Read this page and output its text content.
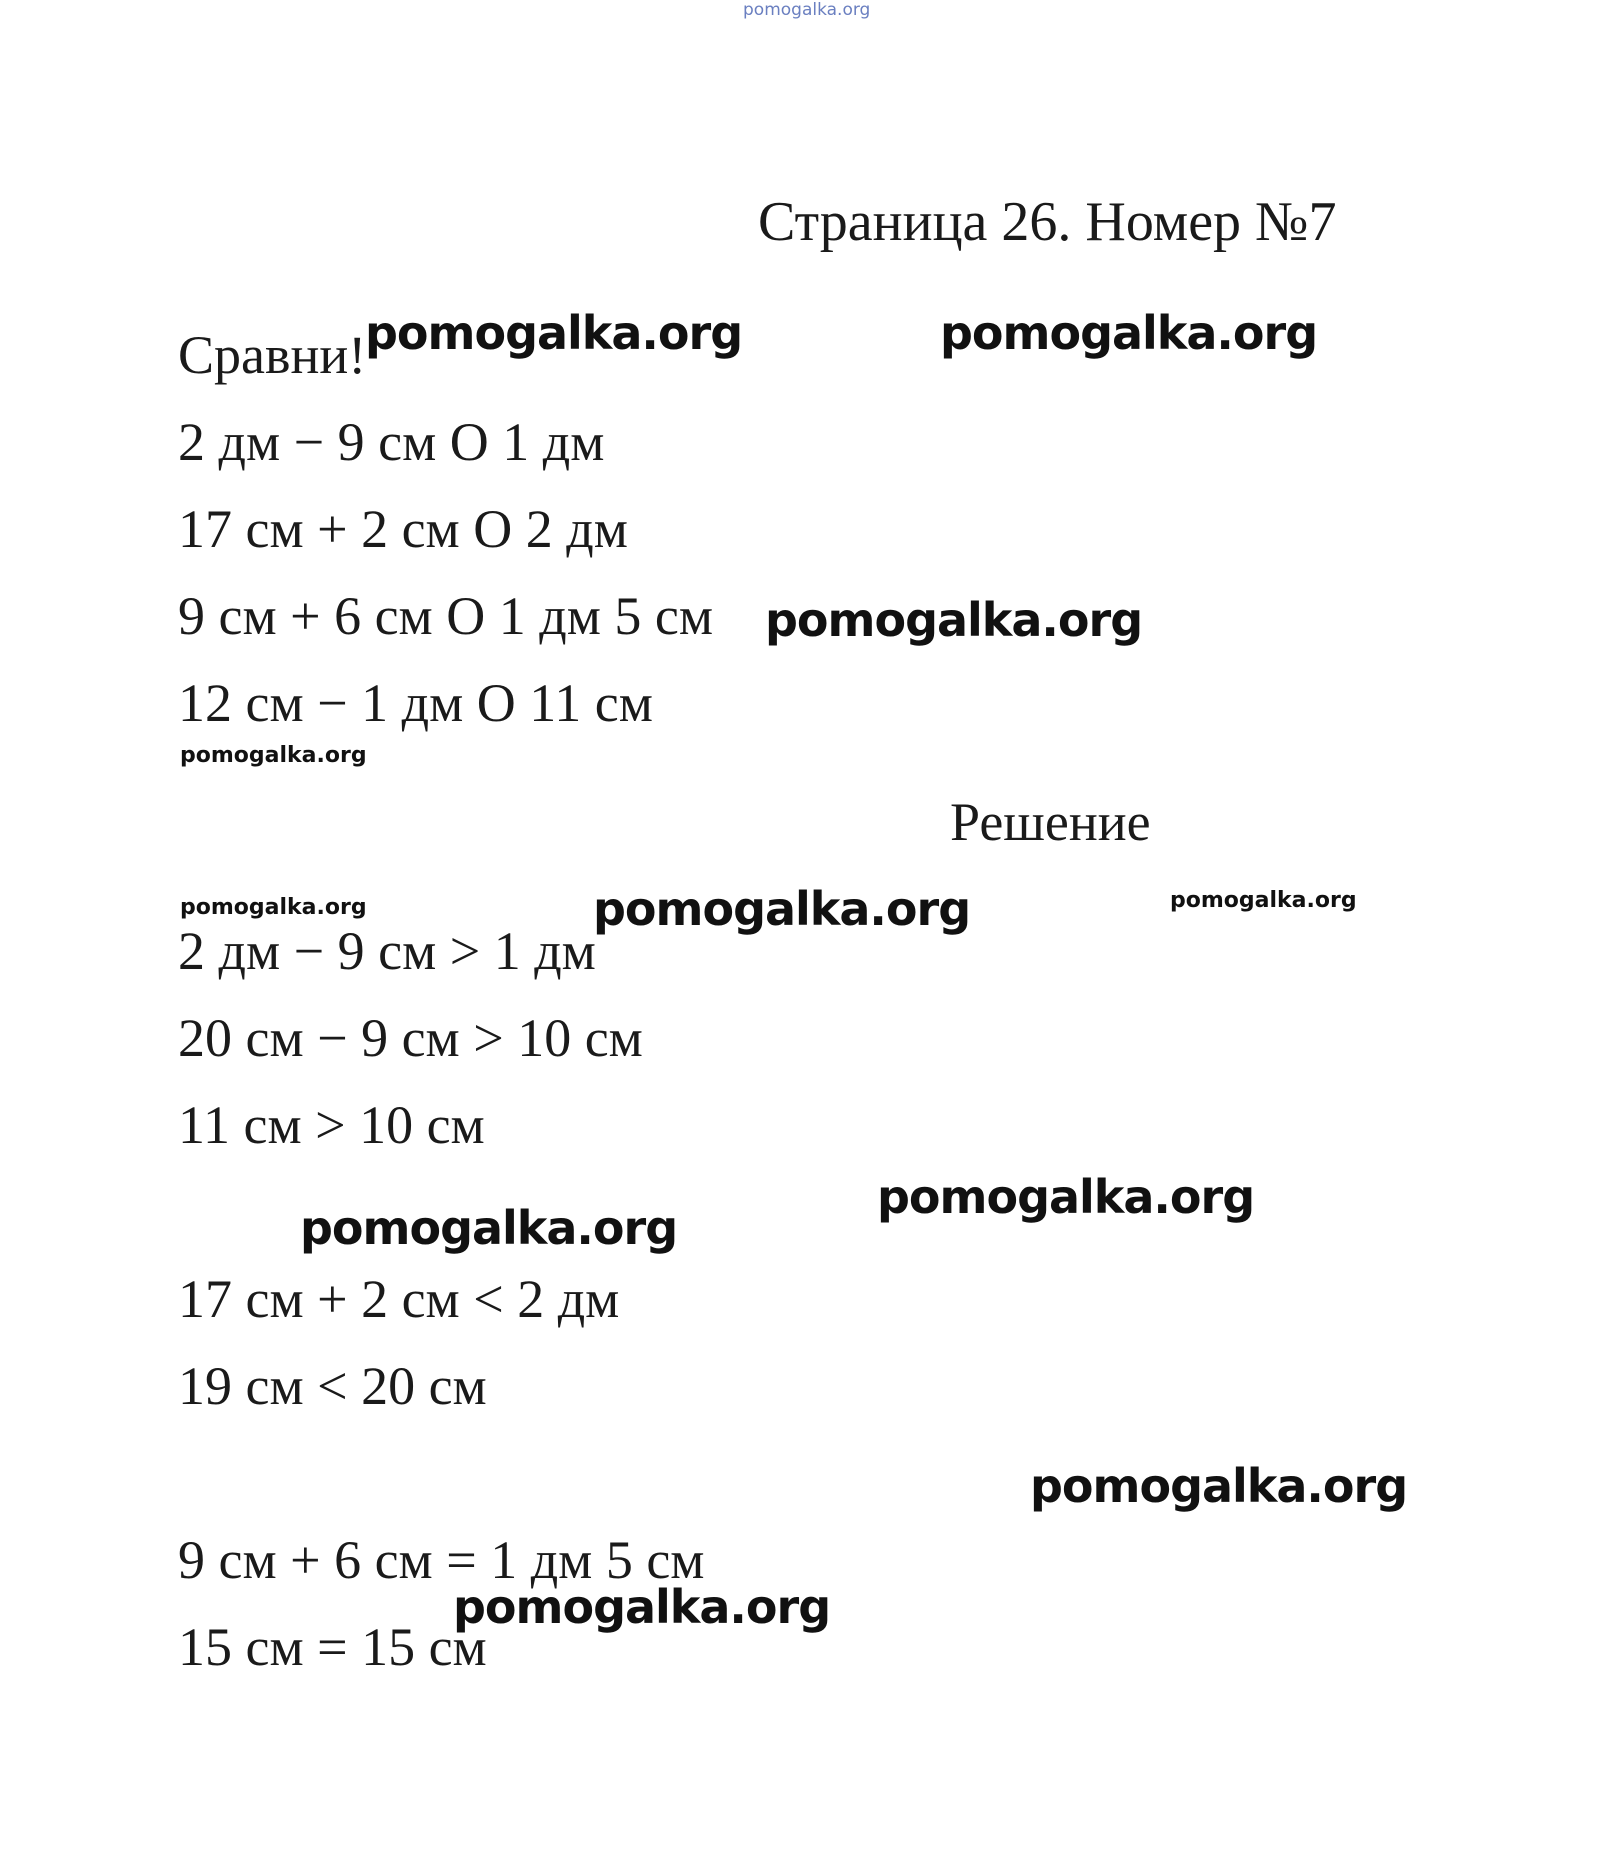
pomogalka.org
Страница 26. Номер №7
Сравни!
2 дм − 9 см О 1 дм
17 см + 2 см О 2 дм
9 см + 6 см О 1 дм 5 см
12 см − 1 дм О 11 см
Решение
2 дм − 9 см > 1 дм
20 см − 9 см > 10 см
11 см > 10 см
17 см + 2 см < 2 дм
19 см < 20 см
9 см + 6 см = 1 дм 5 см
15 см = 15 см
pomogalka.org	pomogalka.org
pomogalka.org
pomogalka.org
pomogalka.org	pomogalka.org	pomogalka.org
pomogalka.org
pomogalka.org
pomogalka.org
pomogalka.org
